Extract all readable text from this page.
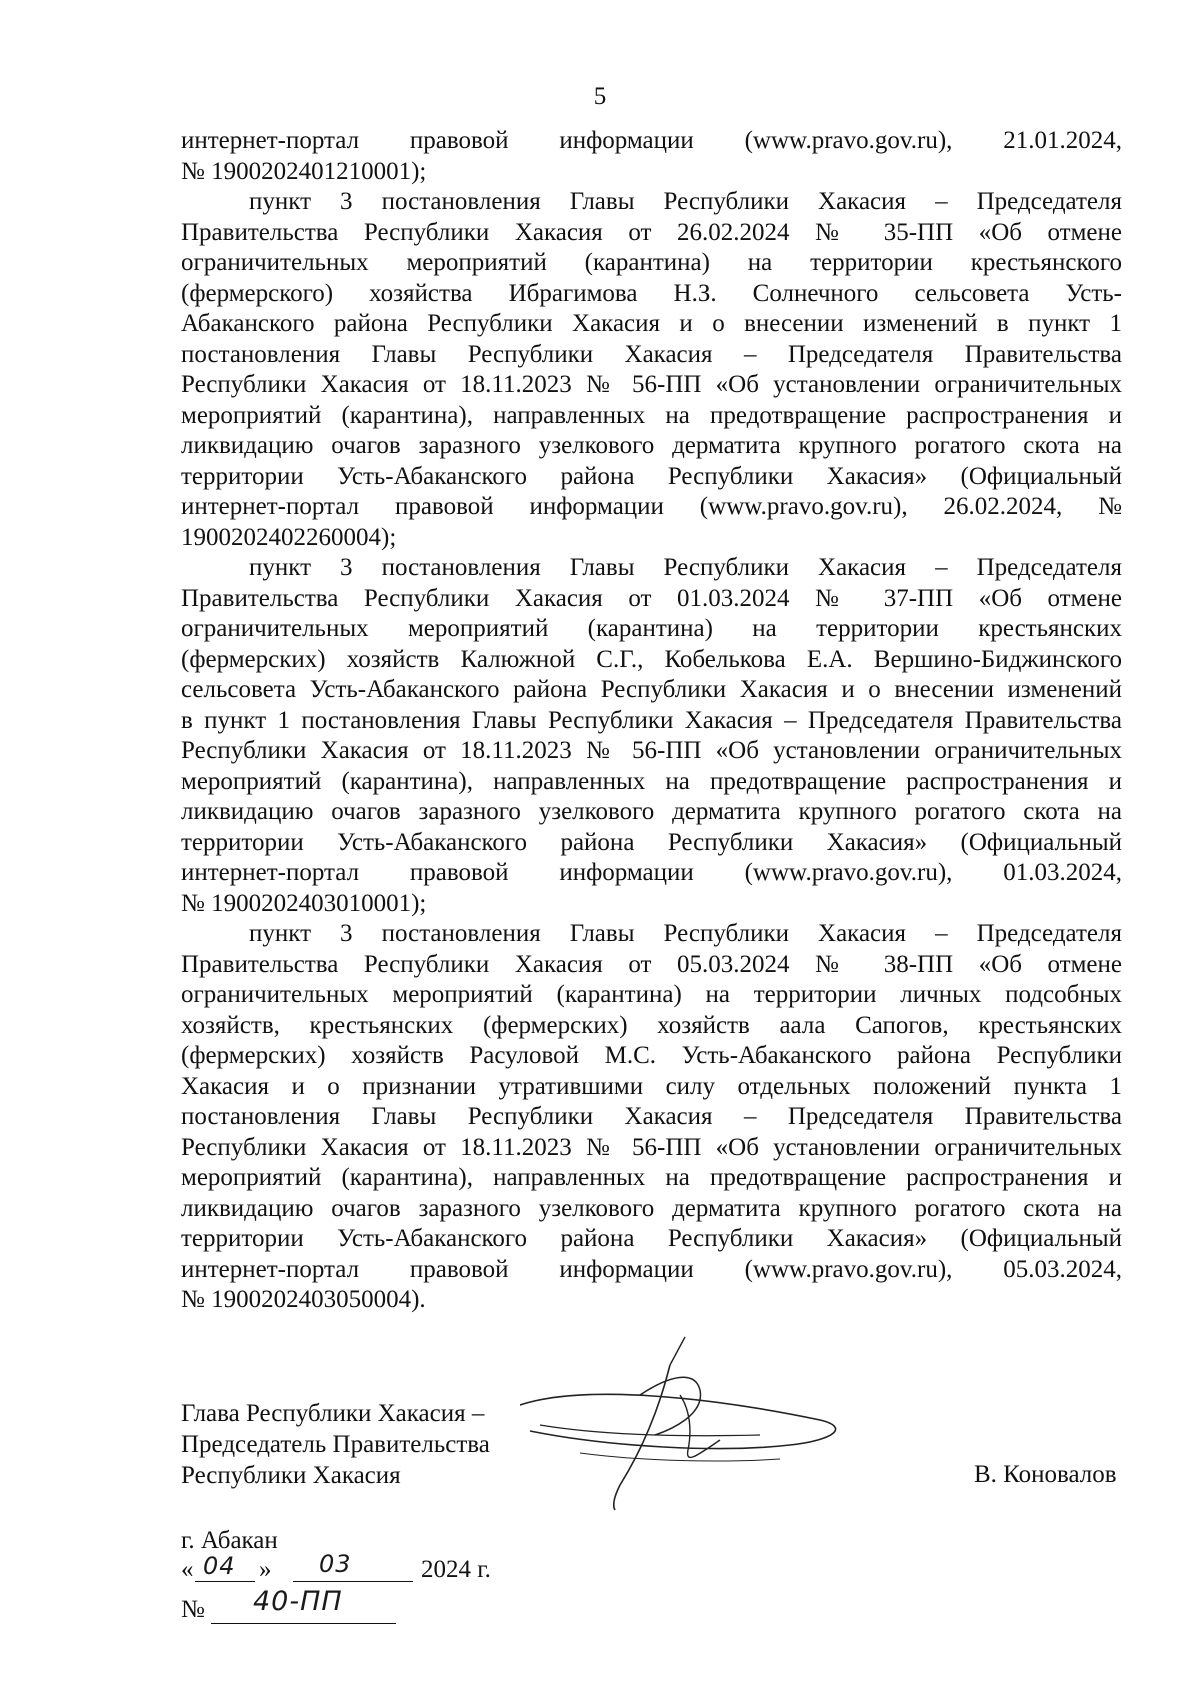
5
интернет-портал правовой информации (www.pravo.gov.ru), 21.01.2024,
№ 1900202401210001);
пункт 3 постановления Главы Республики Хакасия – Председателя
Правительства Республики Хакасия от 26.02.2024 № 35-ПП «Об отмене
ограничительных мероприятий (карантина) на территории крестьянского
(фермерского) хозяйства Ибрагимова Н.З. Солнечного сельсовета Усть-
Абаканского района Республики Хакасия и о внесении изменений в пункт 1
постановления Главы Республики Хакасия – Председателя Правительства
Республики Хакасия от 18.11.2023 № 56-ПП «Об установлении ограничительных
мероприятий (карантина), направленных на предотвращение распространения и
ликвидацию очагов заразного узелкового дерматита крупного рогатого скота на
территории Усть-Абаканского района Республики Хакасия» (Официальный
интернет-портал правовой информации (www.pravo.gov.ru), 26.02.2024, №
1900202402260004);
пункт 3 постановления Главы Республики Хакасия – Председателя
Правительства Республики Хакасия от 01.03.2024 № 37-ПП «Об отмене
ограничительных мероприятий (карантина) на территории крестьянских
(фермерских) хозяйств Калюжной С.Г., Кобелькова Е.А. Вершино-Биджинского
сельсовета Усть-Абаканского района Республики Хакасия и о внесении изменений
в пункт 1 постановления Главы Республики Хакасия – Председателя Правительства
Республики Хакасия от 18.11.2023 № 56-ПП «Об установлении ограничительных
мероприятий (карантина), направленных на предотвращение распространения и
ликвидацию очагов заразного узелкового дерматита крупного рогатого скота на
территории Усть-Абаканского района Республики Хакасия» (Официальный
интернет-портал правовой информации (www.pravo.gov.ru), 01.03.2024,
№ 1900202403010001);
пункт 3 постановления Главы Республики Хакасия – Председателя
Правительства Республики Хакасия от 05.03.2024 № 38-ПП «Об отмене
ограничительных мероприятий (карантина) на территории личных подсобных
хозяйств, крестьянских (фермерских) хозяйств аала Сапогов, крестьянских
(фермерских) хозяйств Расуловой М.С. Усть-Абаканского района Республики
Хакасия и о признании утратившими силу отдельных положений пункта 1
постановления Главы Республики Хакасия – Председателя Правительства
Республики Хакасия от 18.11.2023 № 56-ПП «Об установлении ограничительных
мероприятий (карантина), направленных на предотвращение распространения и
ликвидацию очагов заразного узелкового дерматита крупного рогатого скота на
территории Усть-Абаканского района Республики Хакасия» (Официальный
интернет-портал правовой информации (www.pravo.gov.ru), 05.03.2024,
№ 1900202403050004).
Глава Республики Хакасия –
Председатель Правительства
Республики Хакасия	В. Коновалов
г. Абакан
« 04 » 03	2024 г.
№ 40-ПП
